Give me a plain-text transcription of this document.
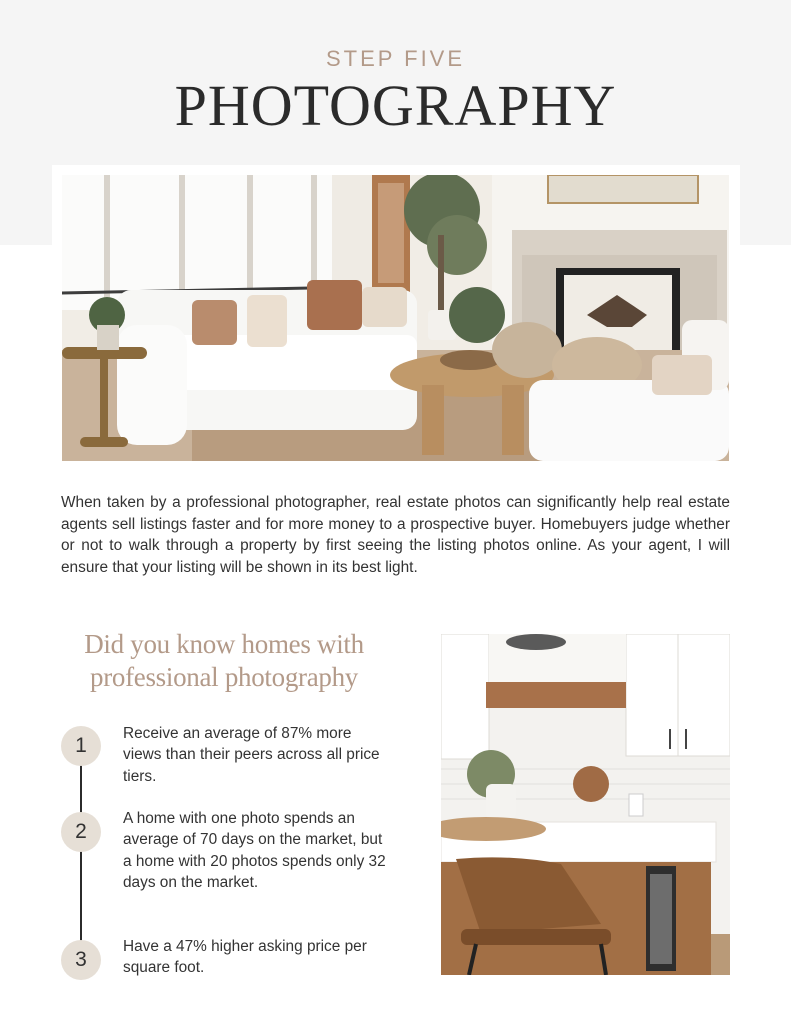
STEP FIVE
PHOTOGRAPHY
When taken by a professional photographer, real estate photos can significantly help real estate agents sell listings faster and for more money to a prospective buyer. Homebuyers judge whether or not to walk through a property by first seeing the listing photos online. As your agent, I will ensure that your listing will be shown in its best light.
Did you know homes with
professional photography
1
Receive an average of 87% more views than their peers across all price tiers.
2
A home with one photo spends an average of 70 days on the market, but a home with 20 photos spends only 32 days on the market.
3
Have a 47% higher asking price per square foot.
